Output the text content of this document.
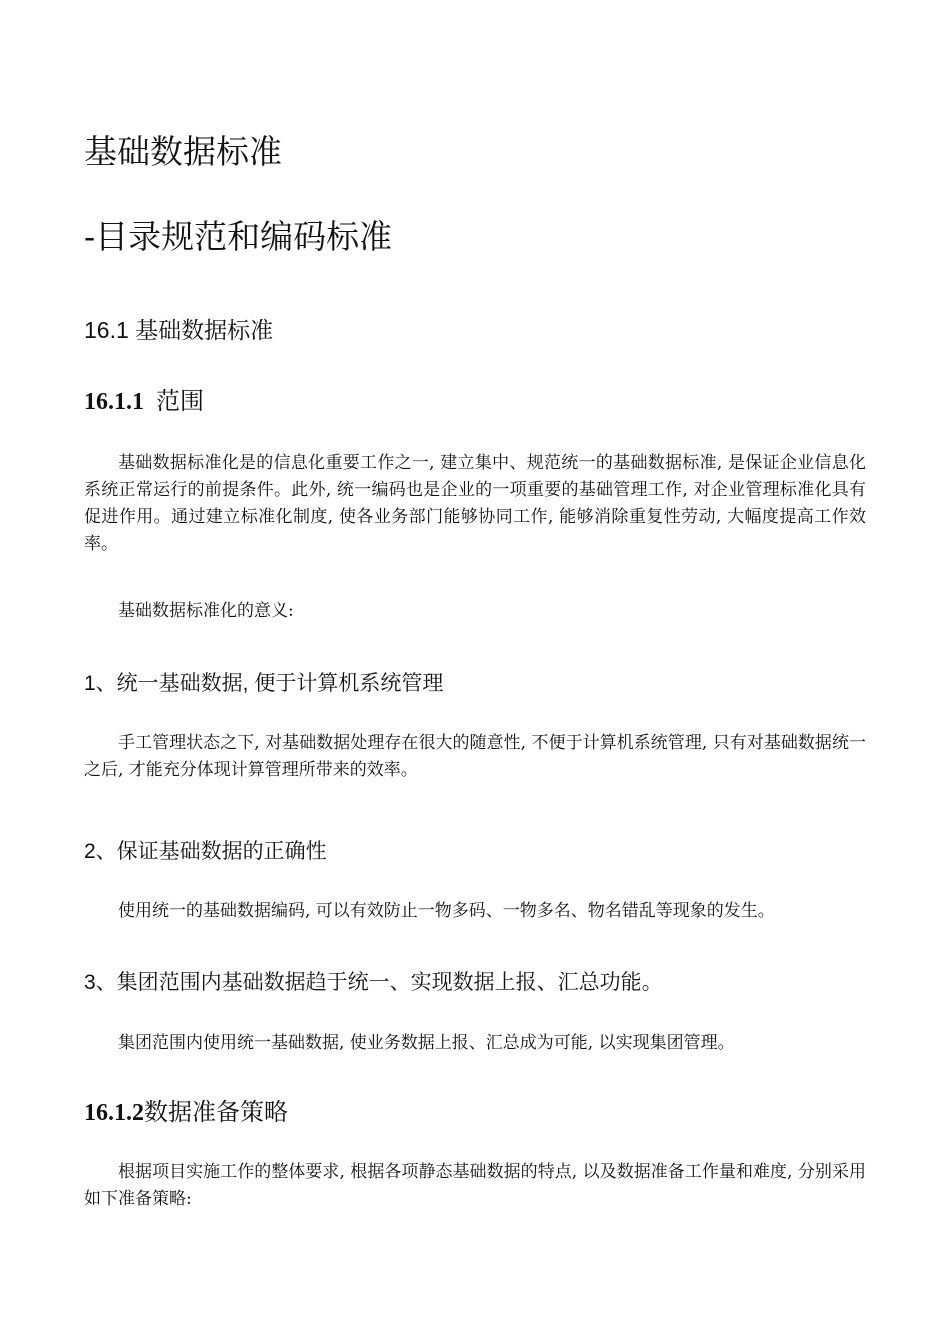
基础数据标准
-目录规范和编码标准
16.1 基础数据标准
16.1.1 范围
基础数据标准化是的信息化重要工作之一, 建立集中、规范统一的基础数据标准, 是保证企业信息化系统正常运行的前提条件。此外, 统一编码也是企业的一项重要的基础管理工作, 对企业管理标准化具有促进作用。通过建立标准化制度, 使各业务部门能够协同工作, 能够消除重复性劳动, 大幅度提高工作效率。
基础数据标准化的意义:
1、统一基础数据, 便于计算机系统管理
手工管理状态之下, 对基础数据处理存在很大的随意性, 不便于计算机系统管理, 只有对基础数据统一之后, 才能充分体现计算管理所带来的效率。
2、保证基础数据的正确性
使用统一的基础数据编码, 可以有效防止一物多码、一物多名、物名错乱等现象的发生。
3、集团范围内基础数据趋于统一、实现数据上报、汇总功能。
集团范围内使用统一基础数据, 使业务数据上报、汇总成为可能, 以实现集团管理。
16.1.2数据准备策略
根据项目实施工作的整体要求, 根据各项静态基础数据的特点, 以及数据准备工作量和难度, 分别采用如下准备策略:
